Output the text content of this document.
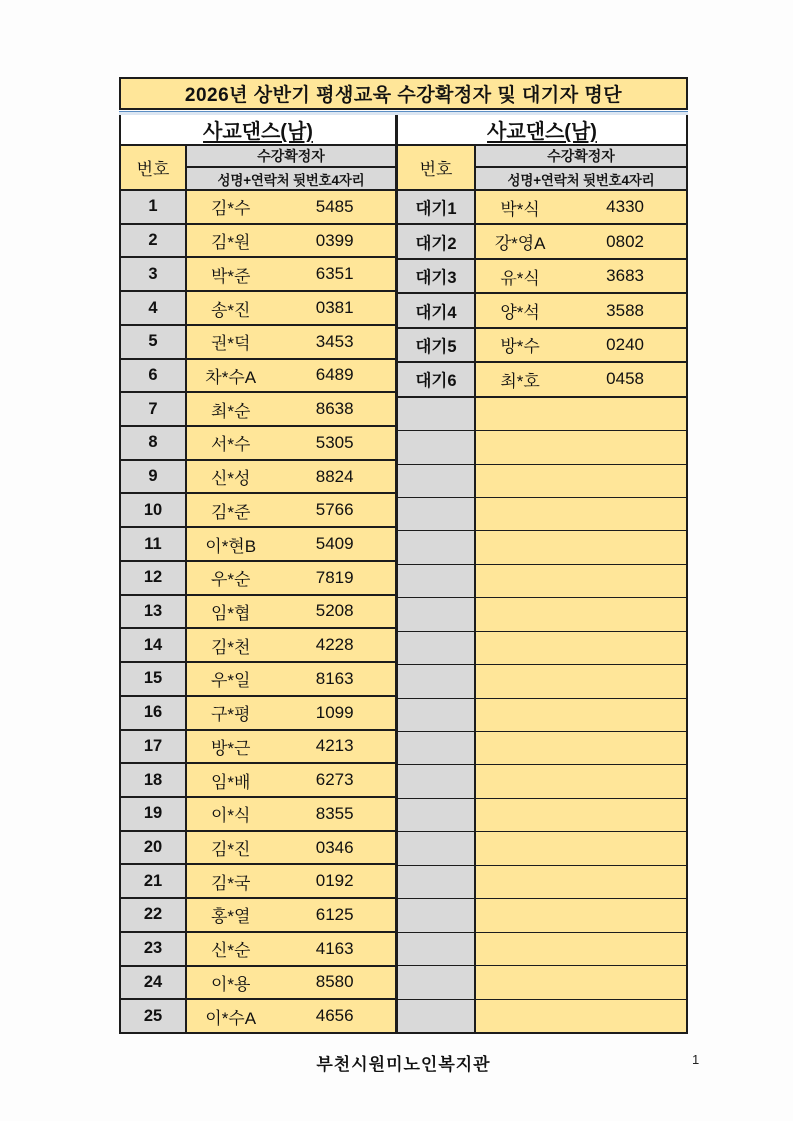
2026년 상반기 평생교육 수강확정자 및 대기자 명단
사교댄스(남)
번호
수강확정자
성명+연락처 뒷번호4자리
1	김*수	5485
2	김*원	0399
3	박*준	6351
4	송*진	0381
5	권*덕	3453
6	차*수A	6489
7	최*순	8638
8	서*수	5305
9	신*성	8824
10	김*준	5766
11	이*현B	5409
12	우*순	7819
13	임*협	5208
14	김*천	4228
15	우*일	8163
16	구*평	1099
17	방*근	4213
18	임*배	6273
19	이*식	8355
20	김*진	0346
21	김*국	0192
22	홍*열	6125
23	신*순	4163
24	이*용	8580
25	이*수A	4656
사교댄스(남)
번호
수강확정자
성명+연락처 뒷번호4자리
대기1	박*식	4330
대기2	강*영A	0802
대기3	유*식	3683
대기4	양*석	3588
대기5	방*수	0240
대기6	최*호	0458
부천시원미노인복지관	1
